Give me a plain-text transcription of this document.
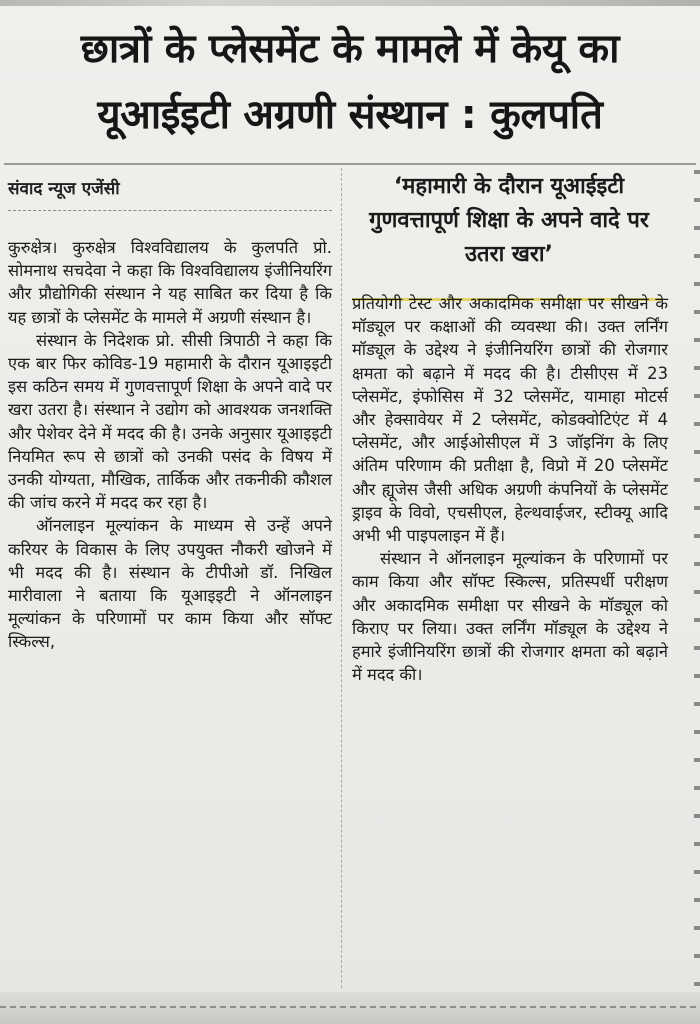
छात्रों के प्लेसमेंट के मामले में केयू का
यूआईइटी अग्रणी संस्थान : कुलपति
संवाद न्यूज एजेंसी

कुरुक्षेत्र। कुरुक्षेत्र विश्वविद्यालय के कुलपति प्रो. सोमनाथ सचदेवा ने कहा कि विश्वविद्यालय इंजीनियरिंग और प्रौद्योगिकी संस्थान ने यह साबित कर दिया है कि यह छात्रों के प्लेसमेंट के मामले में अग्रणी संस्थान है।

संस्थान के निदेशक प्रो. सीसी त्रिपाठी ने कहा कि एक बार फिर कोविड-19 महामारी के दौरान यूआइइटी इस कठिन समय में गुणवत्तापूर्ण शिक्षा के अपने वादे पर खरा उतरा है। संस्थान ने उद्योग को आवश्यक जनशक्ति और पेशेवर देने में मदद की है। उनके अनुसार यूआइइटी नियमित रूप से छात्रों को उनकी पसंद के विषय में उनकी योग्यता, मौखिक, तार्किक और तकनीकी कौशल की जांच करने में मदद कर रहा है।

ऑनलाइन मूल्यांकन के माध्यम से उन्हें अपने करियर के विकास के लिए उपयुक्त नौकरी खोजने में भी मदद की है। संस्थान के टीपीओ डॉ. निखिल मारीवाला ने बताया कि यूआइइटी ने ऑनलाइन मूल्यांकन के परिणामों पर काम किया और सॉफ्ट स्किल्स,

‘महामारी के दौरान यूआईइटी गुणवत्तापूर्ण शिक्षा के अपने वादे पर उतरा खरा’

प्रतियोगी टेस्ट और अकादमिक समीक्षा पर सीखने के मॉड्यूल पर कक्षाओं की व्यवस्था की। उक्त लर्निंग मॉड्यूल के उद्देश्य ने इंजीनियरिंग छात्रों की रोजगार क्षमता को बढ़ाने में मदद की है। टीसीएस में 23 प्लेसमेंट, इंफोसिस में 32 प्लेसमेंट, यामाहा मोटर्स और हेक्सावेयर में 2 प्लेसमेंट, कोडक्वोटिएंट में 4 प्लेसमेंट, और आईओसीएल में 3 जॉइनिंग के लिए अंतिम परिणाम की प्रतीक्षा है, विप्रो में 20 प्लेसमेंट और ह्यूजेस जैसी अधिक अग्रणी कंपनियों के प्लेसमेंट ड्राइव के विवो, एचसीएल, हेल्थवाईजर, स्टीक्यू आदि अभी भी पाइपलाइन में हैं।

संस्थान ने ऑनलाइन मूल्यांकन के परिणामों पर काम किया और सॉफ्ट स्किल्स, प्रतिस्पर्धी परीक्षण और अकादमिक समीक्षा पर सीखने के मॉड्यूल को किराए पर लिया। उक्त लर्निंग मॉड्यूल के उद्देश्य ने हमारे इंजीनियरिंग छात्रों की रोजगार क्षमता को बढ़ाने में मदद की।
